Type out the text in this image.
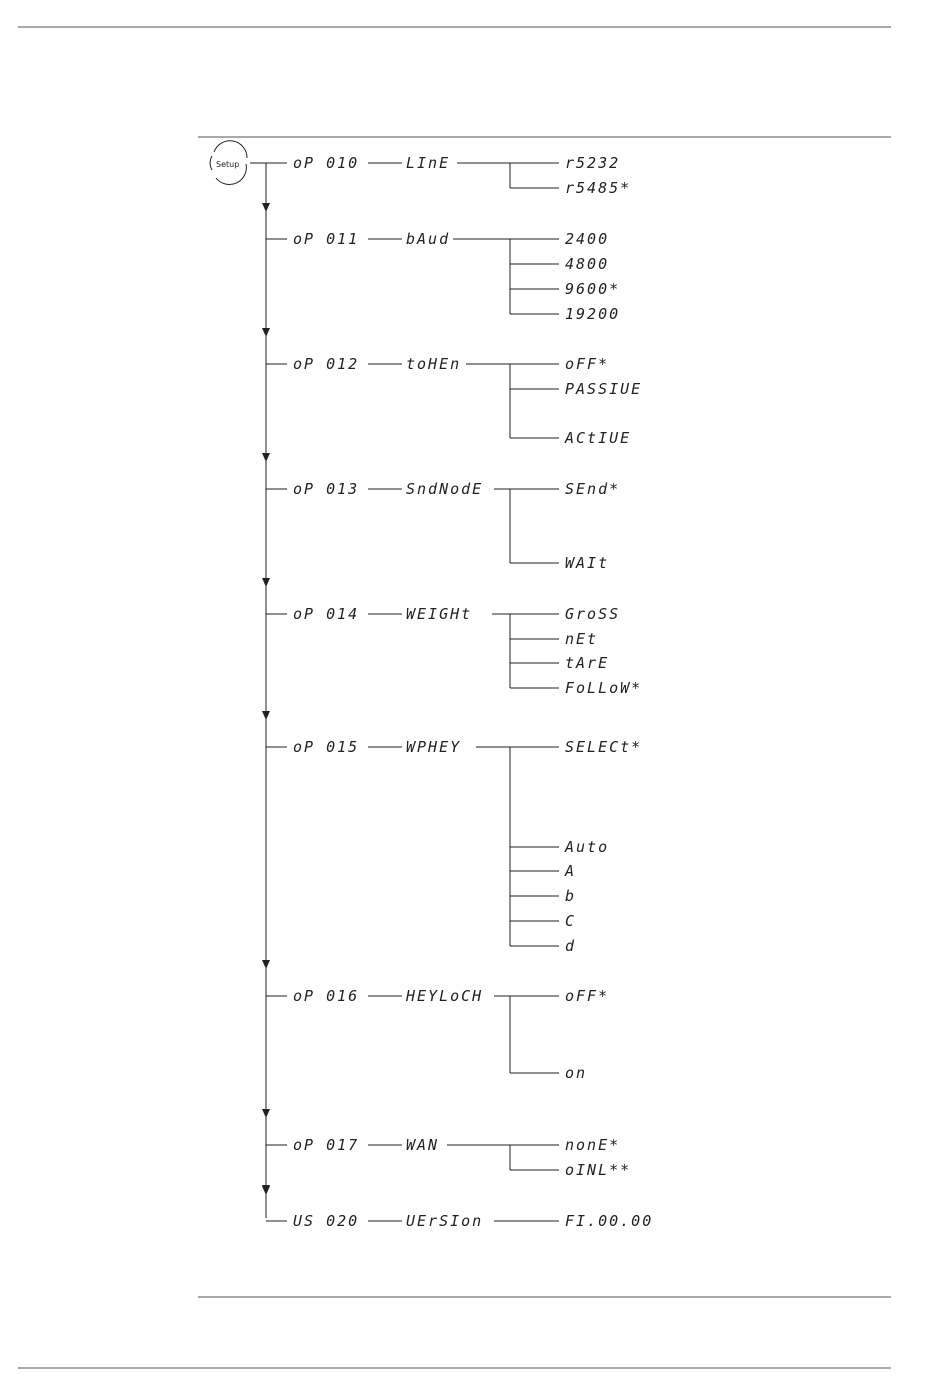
Setup	oP 010	LInE	r5232
r5485*
oP 011	bAud	2400
4800
9600*
19200
oP 012	toHEn	oFF*
PASSIUE
ACtIUE
oP 013	SndNodE	SEnd*
WAIt
oP 014	WEIGHt	GroSS
nEt
tArE
FoLLoW*
oP 015	WPHEY	SELECt*
Auto
A
b
C
d
oP 016	HEYLoCH	oFF*
on
oP 017	WAN	nonE*
oINL**
US 020	UErSIon	FI.00.00
